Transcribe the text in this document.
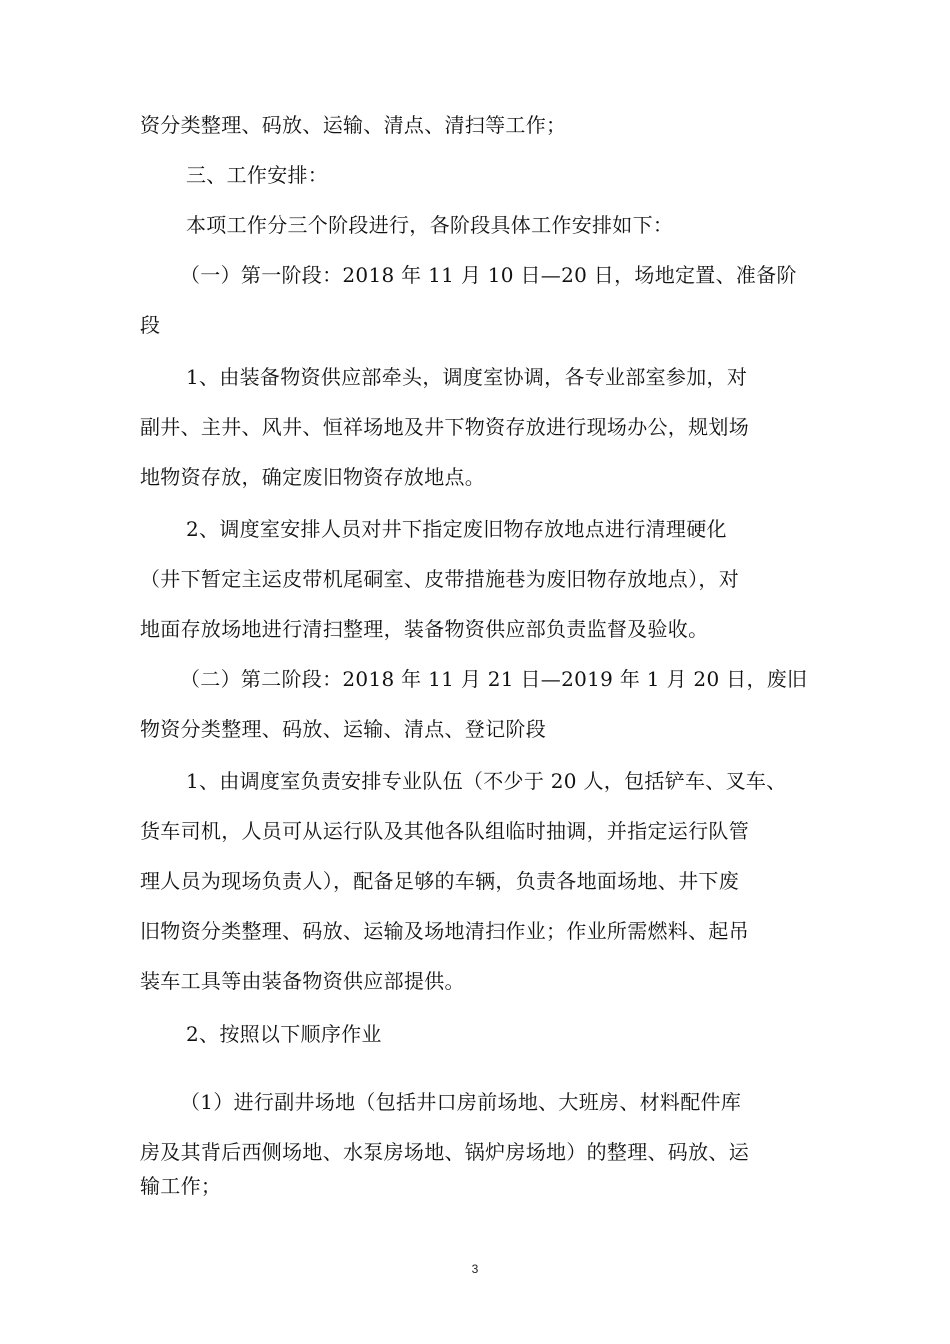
资分类整理、码放、运输、清点、清扫等工作；
三、工作安排：
本项工作分三个阶段进行，各阶段具体工作安排如下：
（一）第一阶段：2018 年 11 月 10 日—20 日，场地定置、准备阶
段
1、由装备物资供应部牵头，调度室协调，各专业部室参加，对
副井、主井、风井、恒祥场地及井下物资存放进行现场办公，规划场
地物资存放，确定废旧物资存放地点。
2、调度室安排人员对井下指定废旧物存放地点进行清理硬化
（井下暂定主运皮带机尾硐室、皮带措施巷为废旧物存放地点），对
地面存放场地进行清扫整理，装备物资供应部负责监督及验收。
（二）第二阶段：2018 年 11 月 21 日—2019 年 1 月 20 日，废旧
物资分类整理、码放、运输、清点、登记阶段
1、由调度室负责安排专业队伍（不少于 20 人，包括铲车、叉车、
货车司机，人员可从运行队及其他各队组临时抽调，并指定运行队管
理人员为现场负责人），配备足够的车辆，负责各地面场地、井下废
旧物资分类整理、码放、运输及场地清扫作业；作业所需燃料、起吊
装车工具等由装备物资供应部提供。
2、按照以下顺序作业
（1）进行副井场地（包括井口房前场地、大班房、材料配件库
房及其背后西侧场地、水泵房场地、锅炉房场地）的整理、码放、运
输工作；
3
